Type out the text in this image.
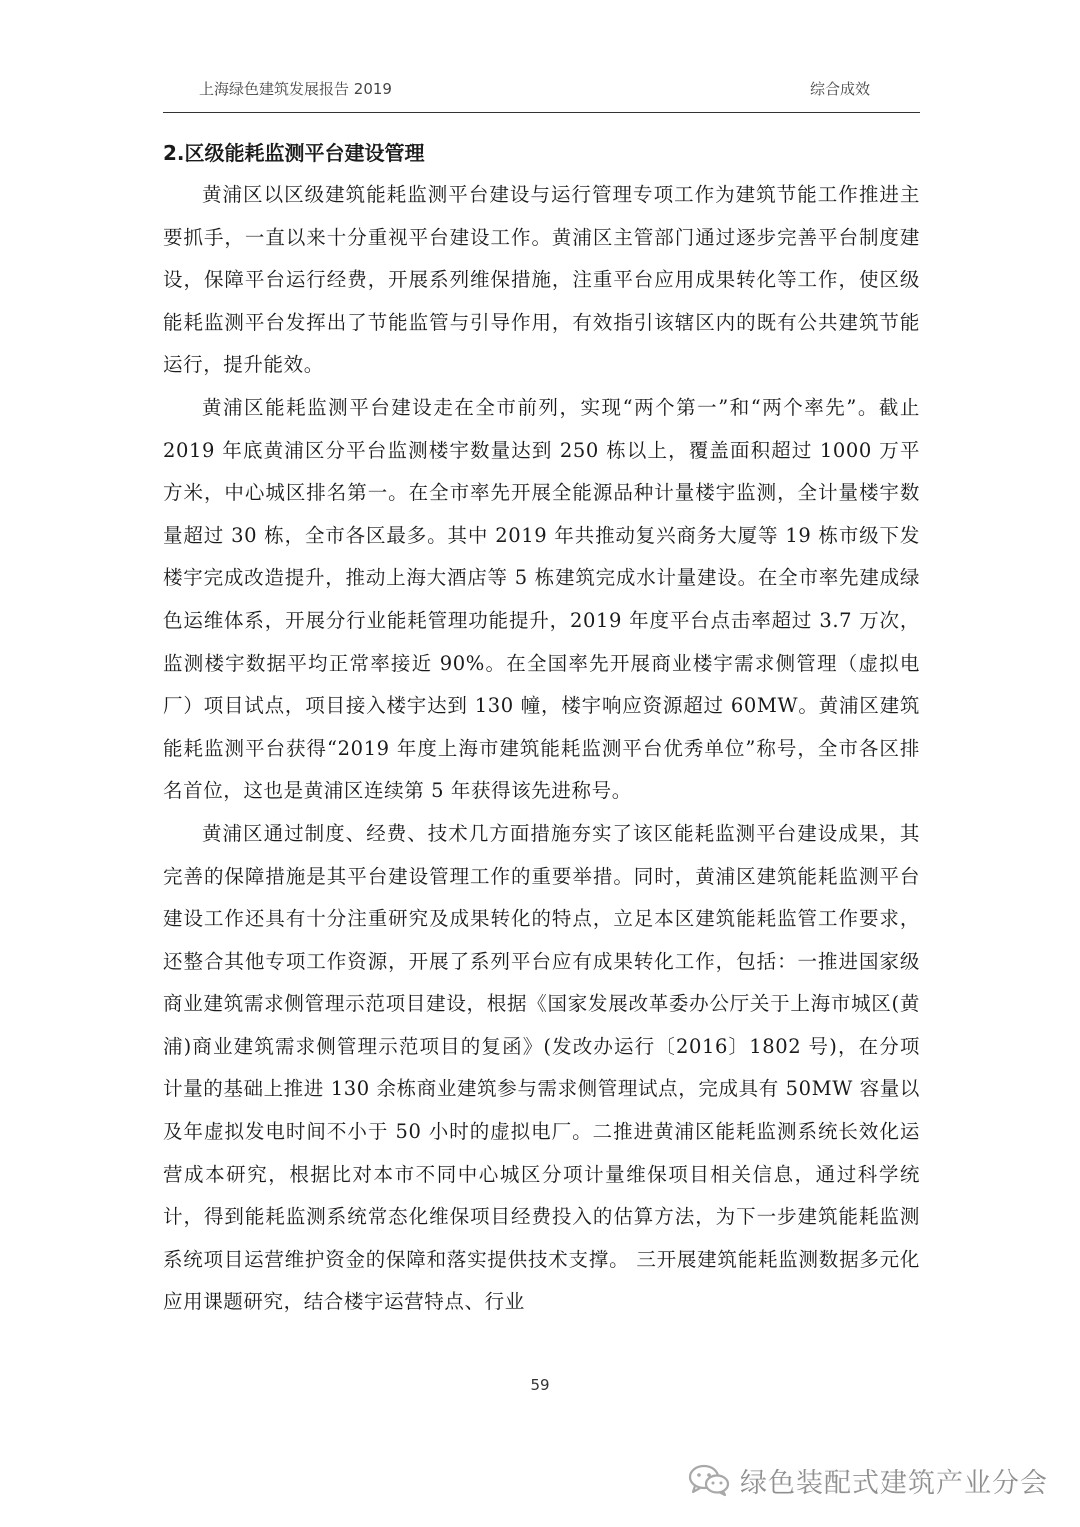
上海绿色建筑发展报告 2019	综合成效
2.区级能耗监测平台建设管理

黄浦区以区级建筑能耗监测平台建设与运行管理专项工作为建筑节能工作推进主要抓手，一直以来十分重视平台建设工作。黄浦区主管部门通过逐步完善平台制度建设，保障平台运行经费，开展系列维保措施，注重平台应用成果转化等工作，使区级能耗监测平台发挥出了节能监管与引导作用，有效指引该辖区内的既有公共建筑节能运行，提升能效。

黄浦区能耗监测平台建设走在全市前列，实现“两个第一”和“两个率先”。截止 2019 年底黄浦区分平台监测楼宇数量达到 250 栋以上，覆盖面积超过 1000 万平方米，中心城区排名第一。在全市率先开展全能源品种计量楼宇监测，全计量楼宇数量超过 30 栋，全市各区最多。其中 2019 年共推动复兴商务大厦等 19 栋市级下发楼宇完成改造提升，推动上海大酒店等 5 栋建筑完成水计量建设。在全市率先建成绿色运维体系，开展分行业能耗管理功能提升，2019 年度平台点击率超过 3.7 万次，监测楼宇数据平均正常率接近 90%。在全国率先开展商业楼宇需求侧管理（虚拟电厂）项目试点，项目接入楼宇达到 130 幢，楼宇响应资源超过 60MW。黄浦区建筑能耗监测平台获得“2019 年度上海市建筑能耗监测平台优秀单位”称号，全市各区排名首位，这也是黄浦区连续第 5 年获得该先进称号。

黄浦区通过制度、经费、技术几方面措施夯实了该区能耗监测平台建设成果，其完善的保障措施是其平台建设管理工作的重要举措。同时，黄浦区建筑能耗监测平台建设工作还具有十分注重研究及成果转化的特点，立足本区建筑能耗监管工作要求，还整合其他专项工作资源，开展了系列平台应有成果转化工作，包括：一推进国家级商业建筑需求侧管理示范项目建设，根据《国家发展改革委办公厅关于上海市城区(黄浦)商业建筑需求侧管理示范项目的复函》(发改办运行〔2016〕1802 号)，在分项计量的基础上推进 130 余栋商业建筑参与需求侧管理试点，完成具有 50MW 容量以及年虚拟发电时间不小于 50 小时的虚拟电厂。二推进黄浦区能耗监测系统长效化运营成本研究，根据比对本市不同中心城区分项计量维保项目相关信息，通过科学统计，得到能耗监测系统常态化维保项目经费投入的估算方法，为下一步建筑能耗监测系统项目运营维护资金的保障和落实提供技术支撑。 三开展建筑能耗监测数据多元化应用课题研究，结合楼宇运营特点、行业

59
绿色装配式建筑产业分会
